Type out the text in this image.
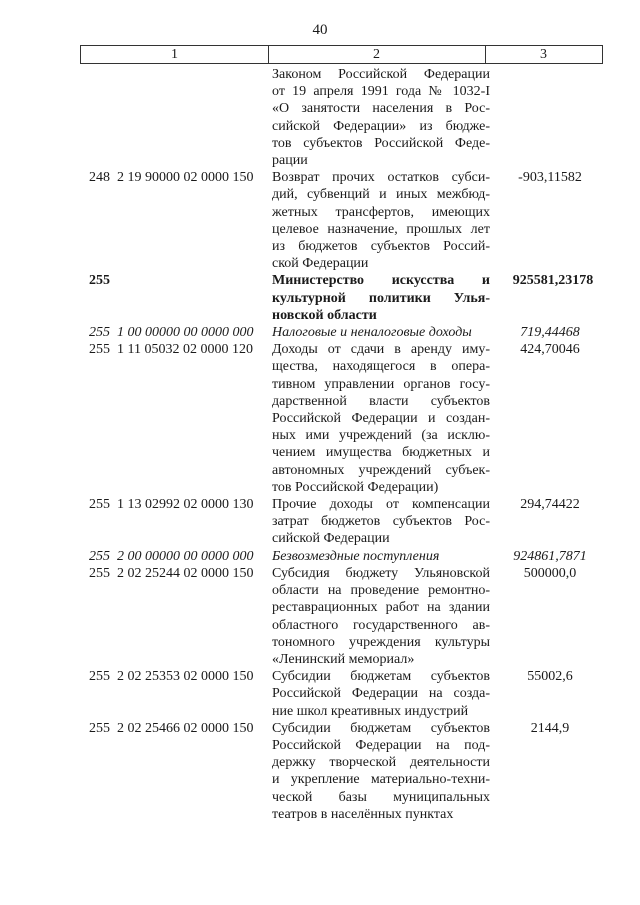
40
1	2	3
Законом Российской Федерации
от 19 апреля 1991 года № 1032-I
«О занятости населения в Рос-
сийской Федерации» из бюдже-
тов субъектов Российской Феде-
рации
248  2 19 90000 02 0000 150	Возврат прочих остатков субси-
дий, субвенций и иных межбюд-
жетных трансфертов, имеющих
целевое назначение, прошлых лет
из бюджетов субъектов Россий-
ской Федерации
-903,11582
255	Министерство искусства и
культурной политики Улья-
новской области
925581,23178
255  1 00 00000 00 0000 000	Налоговые и неналоговые доходы	719,44468
255  1 11 05032 02 0000 120	Доходы от сдачи в аренду иму-
щества, находящегося в опера-
тивном управлении органов госу-
дарственной власти субъектов
Российской Федерации и создан-
ных ими учреждений (за исклю-
чением имущества бюджетных и
автономных учреждений субъек-
тов Российской Федерации)
424,70046
255  1 13 02992 02 0000 130	Прочие доходы от компенсации
затрат бюджетов субъектов Рос-
сийской Федерации
294,74422
255  2 00 00000 00 0000 000	Безвозмездные поступления	924861,7871
255  2 02 25244 02 0000 150	Субсидия бюджету Ульяновской
области на проведение ремонтно-
реставрационных работ на здании
областного государственного ав-
тономного учреждения культуры
«Ленинский мемориал»
500000,0
255  2 02 25353 02 0000 150	Субсидии бюджетам субъектов
Российской Федерации на созда-
ние школ креативных индустрий
55002,6
255  2 02 25466 02 0000 150	Субсидии бюджетам субъектов
Российской Федерации на под-
держку творческой деятельности
и укрепление материально-техни-
ческой базы муниципальных
театров в населённых пунктах
2144,9
